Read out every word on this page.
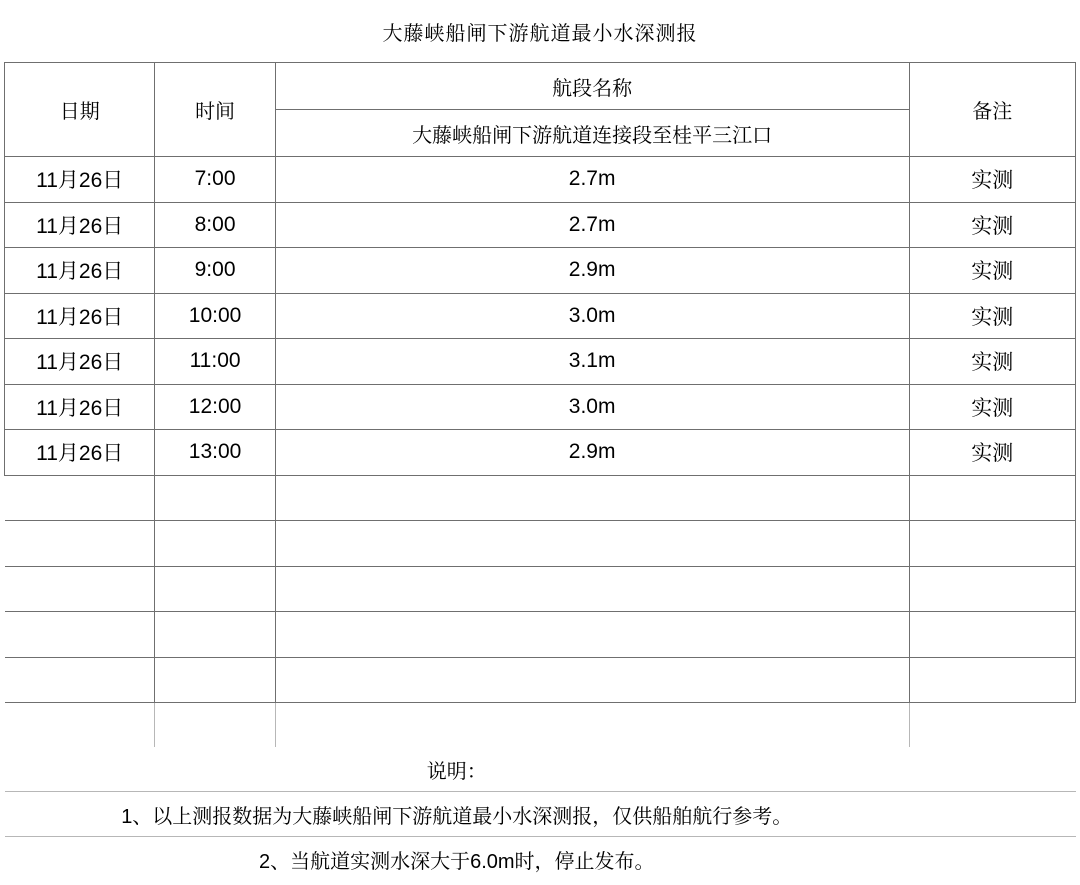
大藤峡船闸下游航道最小水深测报			
日期	时间	航段名称	备注
		大藤峡船闸下游航道连接段至桂平三江口	
11月26日	7:00	2.7m	实测
11月26日	8:00	2.7m	实测
11月26日	9:00	2.9m	实测
11月26日	10:00	3.0m	实测
11月26日	11:00	3.1m	实测
11月26日	12:00	3.0m	实测
11月26日	13:00	2.9m	实测

说明：			
1、以上测报数据为大藤峡船闸下游航道最小水深测报，仅供船舶航行参考。			
2、当航道实测水深大于6.0m时，停止发布。			
